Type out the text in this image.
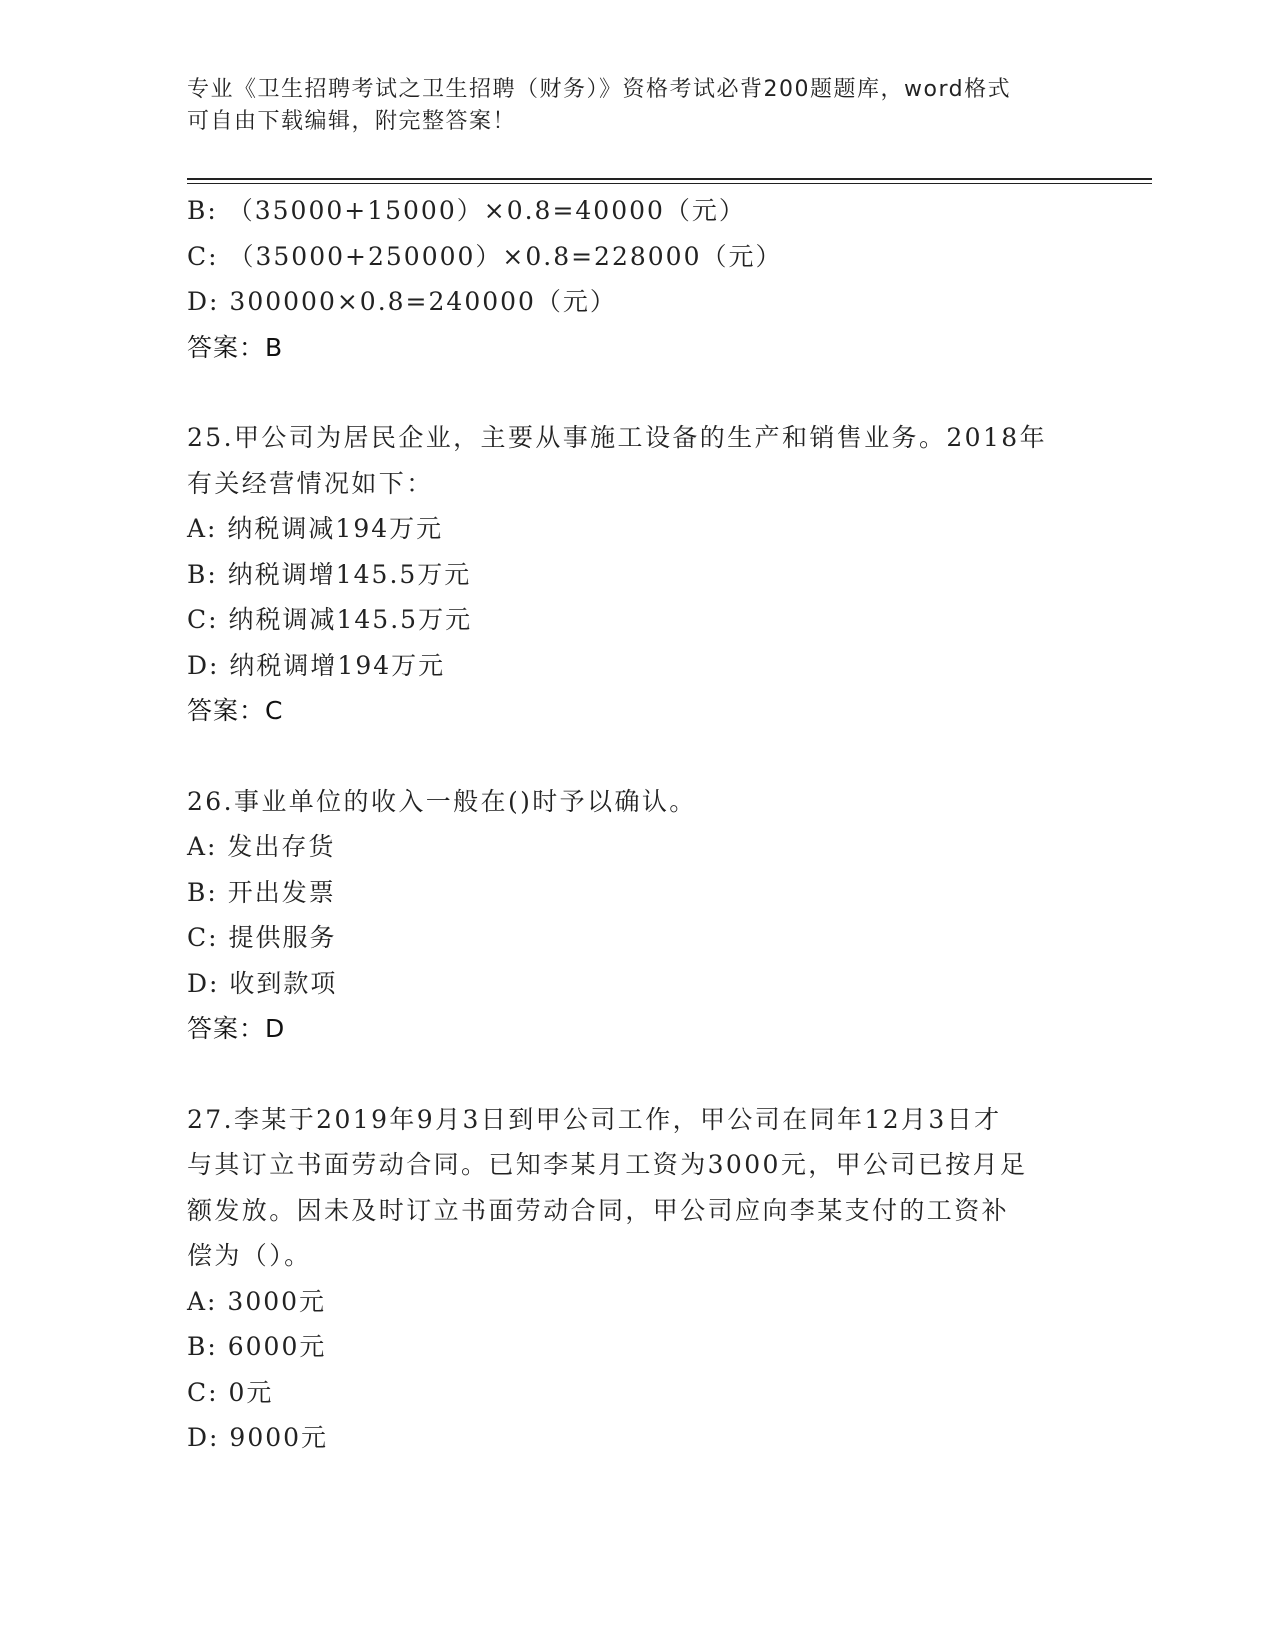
专业《卫生招聘考试之卫生招聘（财务）》资格考试必背200题题库，word格式
可自由下载编辑，附完整答案！
B: （35000+15000）×0.8=40000（元）
C: （35000+250000）×0.8=228000（元）
D: 300000×0.8=240000（元）
答案：B
25.甲公司为居民企业，主要从事施工设备的生产和销售业务。2018年
有关经营情况如下：
A: 纳税调减194万元
B: 纳税调增145.5万元
C: 纳税调减145.5万元
D: 纳税调增194万元
答案：C
26.事业单位的收入一般在()时予以确认。
A: 发出存货
B: 开出发票
C: 提供服务
D: 收到款项
答案：D
27.李某于2019年9月3日到甲公司工作，甲公司在同年12月3日才
与其订立书面劳动合同。已知李某月工资为3000元，甲公司已按月足
额发放。因未及时订立书面劳动合同，甲公司应向李某支付的工资补
偿为（）。
A: 3000元
B: 6000元
C: 0元
D: 9000元
